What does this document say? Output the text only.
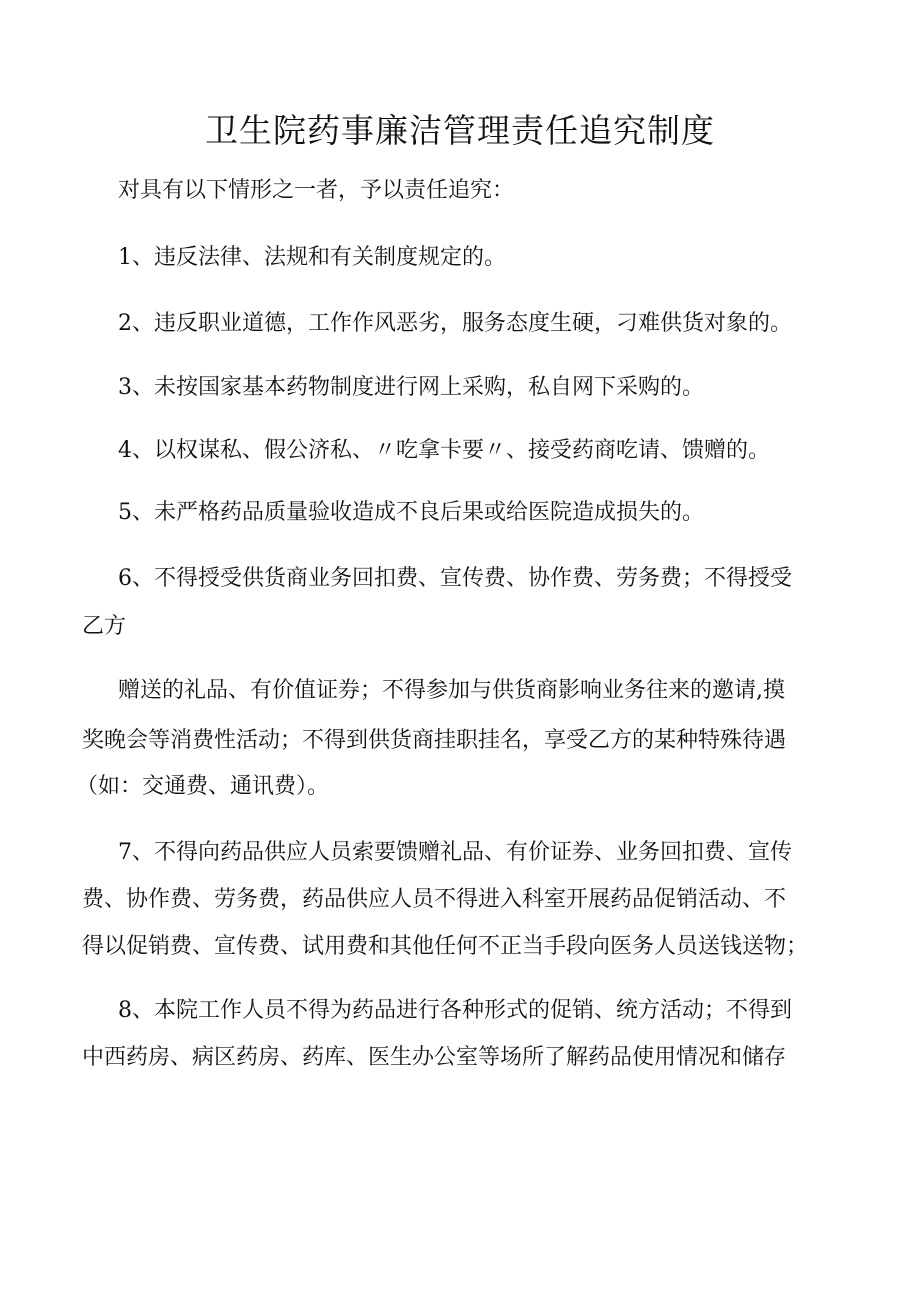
卫生院药事廉洁管理责任追究制度

对具有以下情形之一者，予以责任追究：

1、违反法律、法规和有关制度规定的。

2、违反职业道德，工作作风恶劣，服务态度生硬，刁难供货对象的。

3、未按国家基本药物制度进行网上采购，私自网下采购的。

4、以权谋私、假公济私、〃吃拿卡要〃、接受药商吃请、馈赠的。

5、未严格药品质量验收造成不良后果或给医院造成损失的。

6、不得授受供货商业务回扣费、宣传费、协作费、劳务费；不得授受

乙方

赠送的礼品、有价值证券；不得参加与供货商影响业务往来的邀请,摸

奖晚会等消费性活动；不得到供货商挂职挂名，享受乙方的某种特殊待遇

（如：交通费、通讯费）。

7、不得向药品供应人员索要馈赠礼品、有价证券、业务回扣费、宣传

费、协作费、劳务费，药品供应人员不得进入科室开展药品促销活动、不

得以促销费、宣传费、试用费和其他任何不正当手段向医务人员送钱送物；

8、本院工作人员不得为药品进行各种形式的促销、统方活动；不得到

中西药房、病区药房、药库、医生办公室等场所了解药品使用情况和储存
